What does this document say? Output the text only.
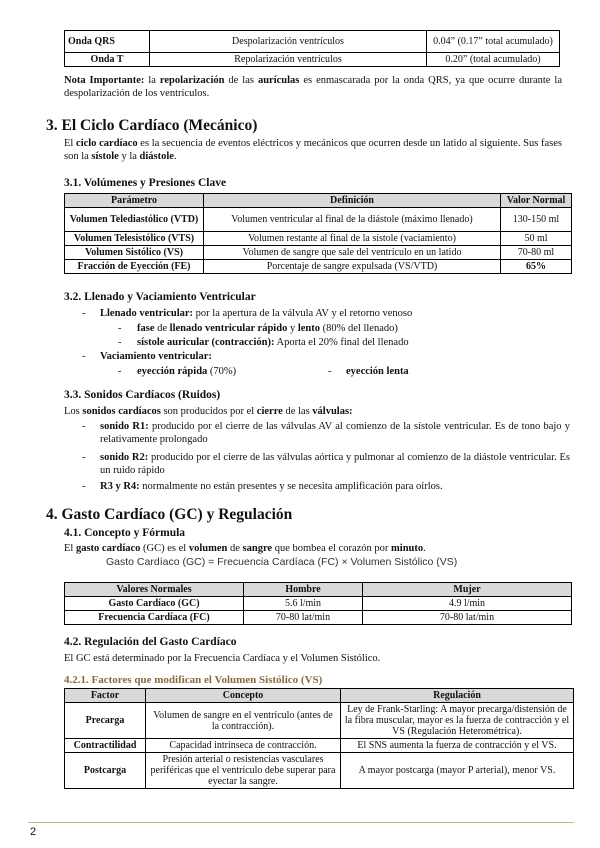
Onda QRS	Despolarización ventrículos	0.04” (0.17” total acumulado)
Onda T	Repolarización ventrículos	0.20” (total acumulado)
Nota Importante: la repolarización de las aurículas es enmascarada por la onda QRS, ya que ocurre durante la despolarización de los ventrículos.
3. El Ciclo Cardíaco (Mecánico)
El ciclo cardíaco es la secuencia de eventos eléctricos y mecánicos que ocurren desde un latido al siguiente. Sus fases son la sístole y la diástole.
3.1. Volúmenes y Presiones Clave
Parámetro	Definición	Valor Normal
Volumen Telediastólico (VTD)	Volumen ventricular al final de la diástole (máximo llenado)	130-150 ml
Volumen Telesistólico (VTS)	Volumen restante al final de la sístole (vaciamiento)	50 ml
Volumen Sistólico (VS)	Volumen de sangre que sale del ventrículo en un latido	70-80 ml
Fracción de Eyección (FE)	Porcentaje de sangre expulsada (VS/VTD)	65%
3.2. Llenado y Vaciamiento Ventricular
- Llenado ventricular: por la apertura de la válvula AV y el retorno venoso
- fase de llenado ventricular rápido y lento (80% del llenado)
- sístole auricular (contracción): Aporta el 20% final del llenado
- Vaciamiento ventricular:
- eyección rápida (70%)	- eyección lenta
3.3. Sonidos Cardíacos (Ruidos)
Los sonidos cardíacos son producidos por el cierre de las válvulas:
- sonido R1: producido por el cierre de las válvulas AV al comienzo de la sístole ventricular. Es de tono bajo y relativamente prolongado
- sonido R2: producido por el cierre de las válvulas aórtica y pulmonar al comienzo de la diástole ventricular. Es un ruido rápido
- R3 y R4: normalmente no están presentes y se necesita amplificación para oírlos.
4. Gasto Cardíaco (GC) y Regulación
4.1. Concepto y Fórmula
El gasto cardíaco (GC) es el volumen de sangre que bombea el corazón por minuto.
Gasto Cardíaco (GC) = Frecuencia Cardíaca (FC) × Volumen Sistólico (VS)
Valores Normales	Hombre	Mujer
Gasto Cardíaco (GC)	5.6 l/min	4.9 l/min
Frecuencia Cardíaca (FC)	70-80 lat/min	70-80 lat/min
4.2. Regulación del Gasto Cardíaco
El GC está determinado por la Frecuencia Cardíaca y el Volumen Sistólico.
4.2.1. Factores que modifican el Volumen Sistólico (VS)
Factor	Concepto	Regulación
Precarga	Volumen de sangre en el ventrículo (antes de la contracción).	Ley de Frank-Starling: A mayor precarga/distensión de la fibra muscular, mayor es la fuerza de contracción y el VS (Regulación Heterométrica).
Contractilidad	Capacidad intrínseca de contracción.	El SNS aumenta la fuerza de contracción y el VS.
Postcarga	Presión arterial o resistencias vasculares periféricas que el ventrículo debe superar para eyectar la sangre.	A mayor postcarga (mayor P arterial), menor VS.
2
